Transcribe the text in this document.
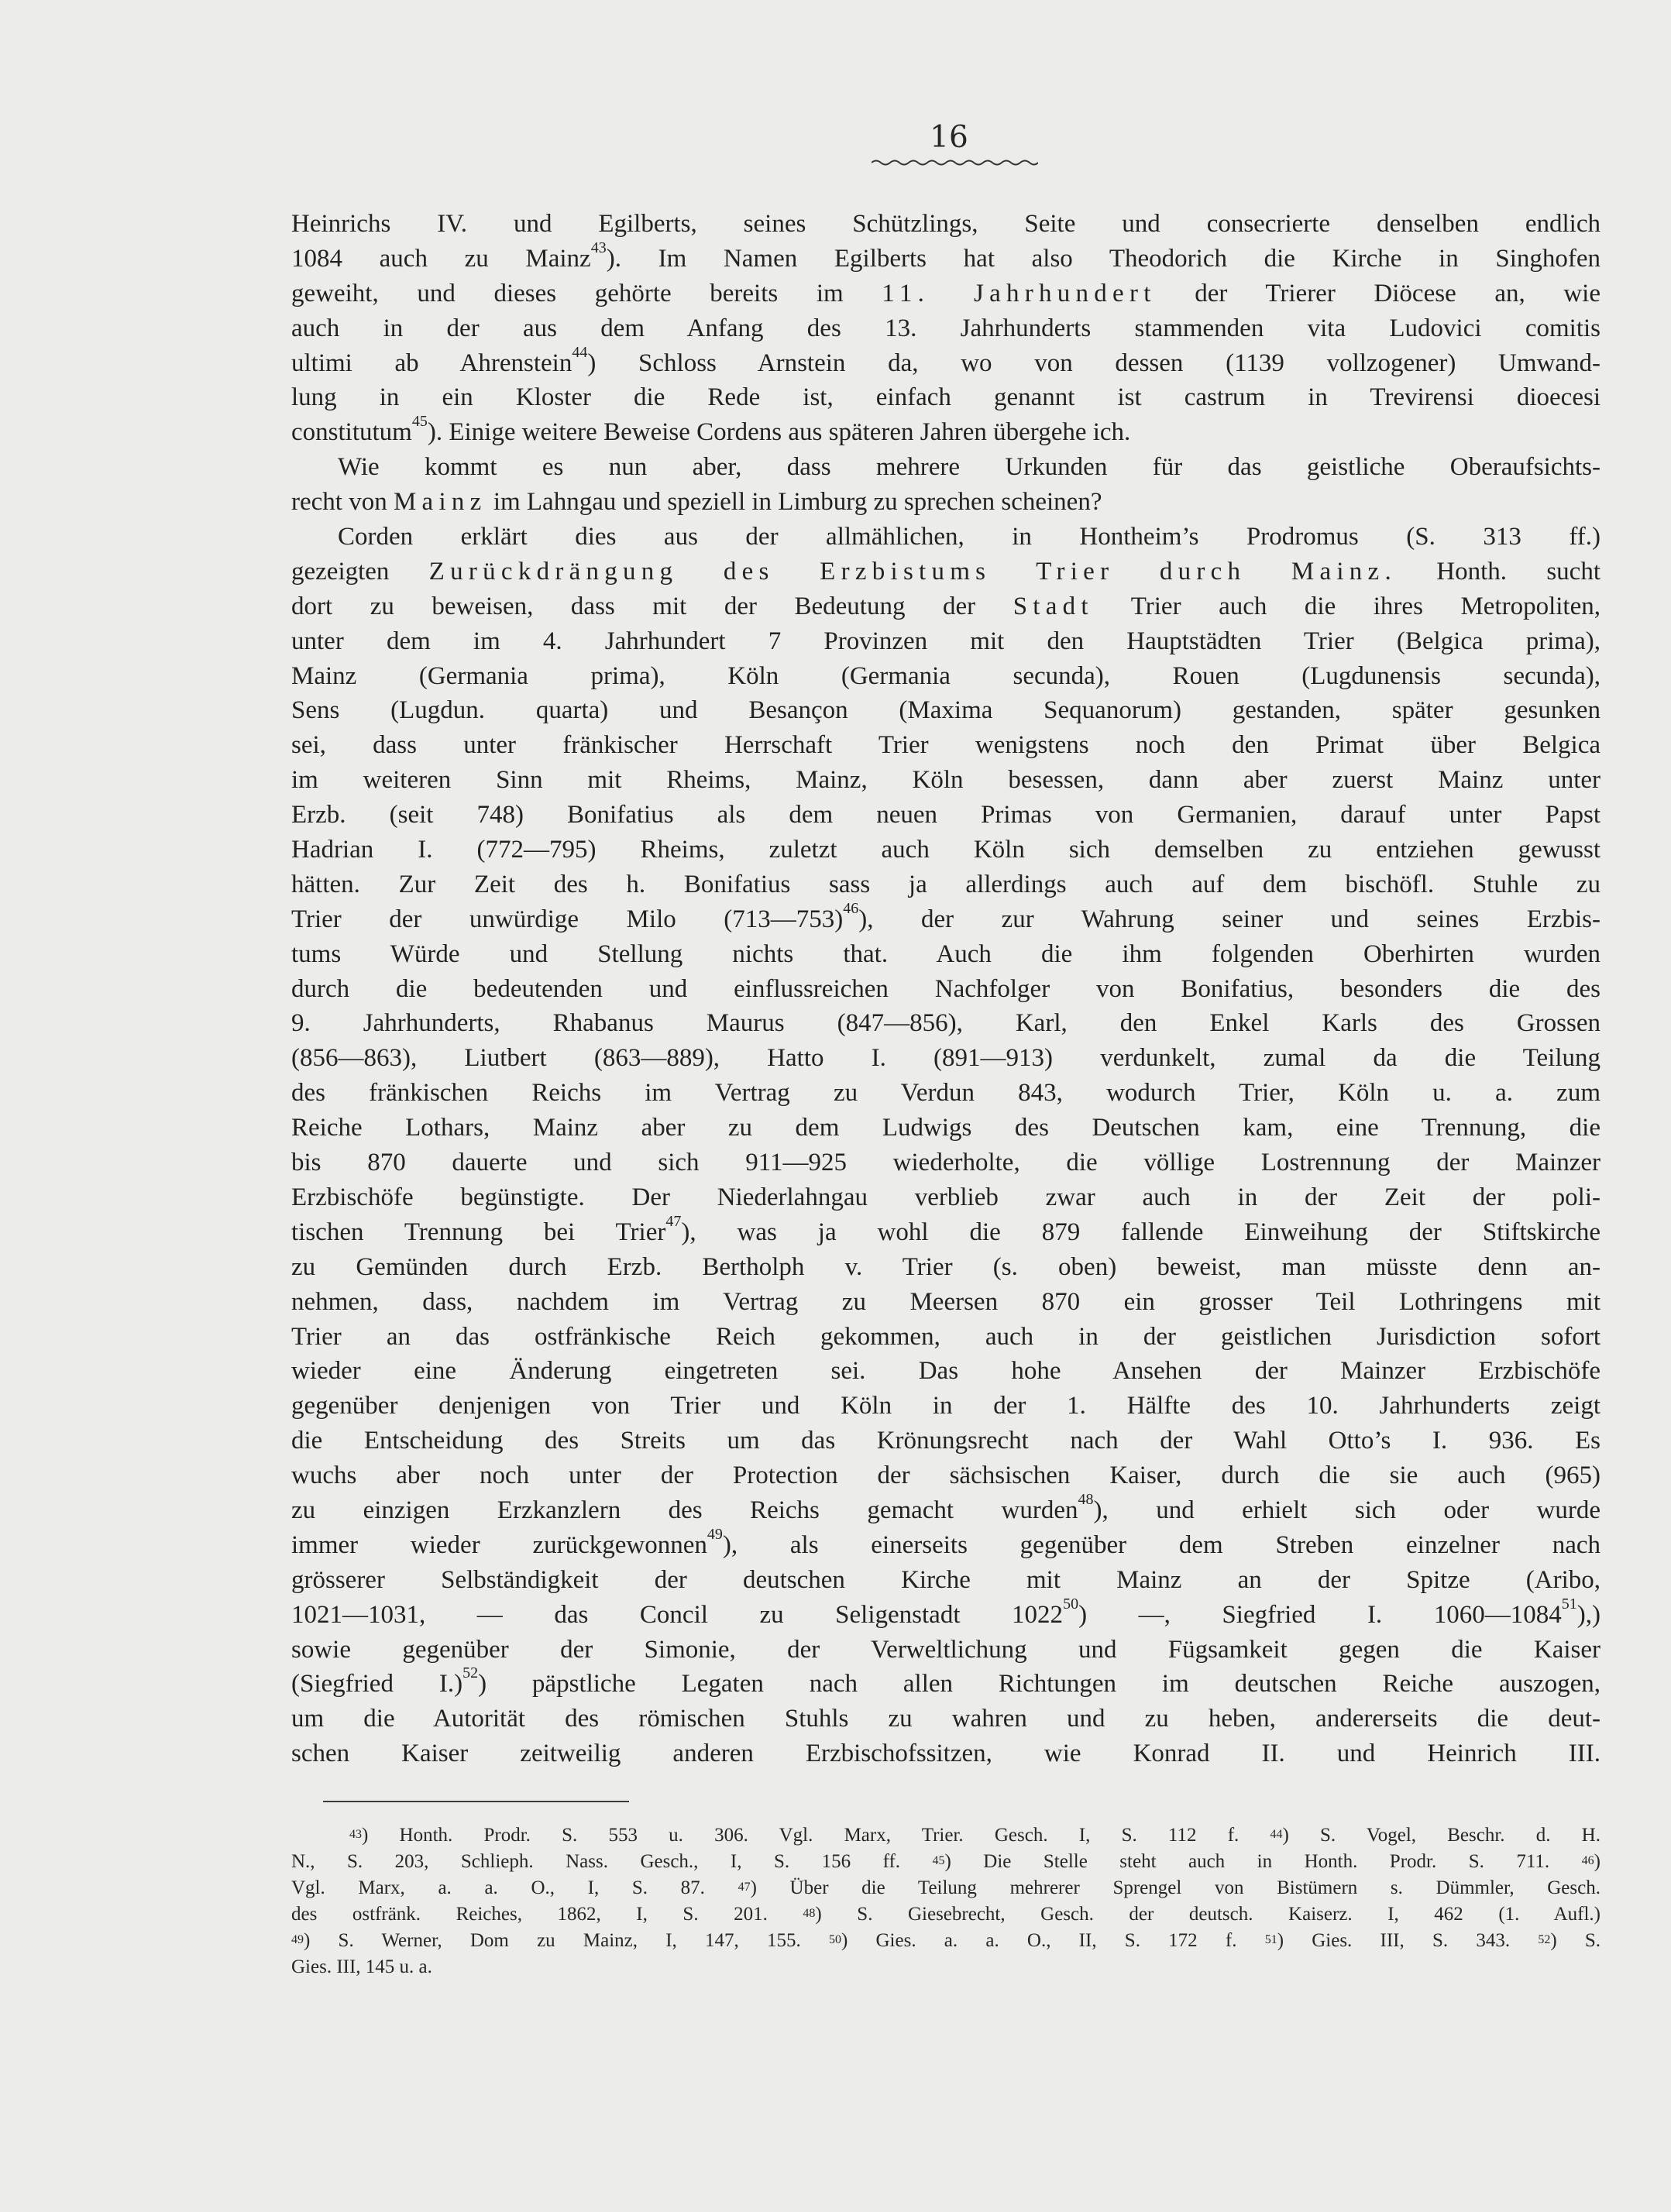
16
Heinrichs IV. und Egilberts, seines Schützlings, Seite und consecrierte denselben endlich
1084 auch zu Mainz$^{43}$). Im Namen Egilberts hat also Theodorich die Kirche in Singhofen
geweiht, und dieses gehörte bereits im 11. Jahrhundert der Trierer Diöcese an, wie
auch in der aus dem Anfang des 13. Jahrhunderts stammenden vita Ludovici comitis
ultimi ab Ahrenstein$^{44}$) Schloss Arnstein da, wo von dessen (1139 vollzogener) Umwand-
lung in ein Kloster die Rede ist, einfach genannt ist castrum in Trevirensi dioecesi
constitutum$^{45}$). Einige weitere Beweise Cordens aus späteren Jahren übergehe ich.
Wie kommt es nun aber, dass mehrere Urkunden für das geistliche Oberaufsichts-
recht von Mainz im Lahngau und speziell in Limburg zu sprechen scheinen?
Corden erklärt dies aus der allmählichen, in Hontheim’s Prodromus (S. 313 ff.)
gezeigten Zurückdrängung des Erzbistums Trier durch Mainz. Honth. sucht
dort zu beweisen, dass mit der Bedeutung der Stadt Trier auch die ihres Metropoliten,
unter dem im 4. Jahrhundert 7 Provinzen mit den Hauptstädten Trier (Belgica prima),
Mainz (Germania prima), Köln (Germania secunda), Rouen (Lugdunensis secunda),
Sens (Lugdun. quarta) und Besançon (Maxima Sequanorum) gestanden, später gesunken
sei, dass unter fränkischer Herrschaft Trier wenigstens noch den Primat über Belgica
im weiteren Sinn mit Rheims, Mainz, Köln besessen, dann aber zuerst Mainz unter
Erzb. (seit 748) Bonifatius als dem neuen Primas von Germanien, darauf unter Papst
Hadrian I. (772—795) Rheims, zuletzt auch Köln sich demselben zu entziehen gewusst
hätten. Zur Zeit des h. Bonifatius sass ja allerdings auch auf dem bischöfl. Stuhle zu
Trier der unwürdige Milo (713—753)$^{46}$), der zur Wahrung seiner und seines Erzbis-
tums Würde und Stellung nichts that. Auch die ihm folgenden Oberhirten wurden
durch die bedeutenden und einflussreichen Nachfolger von Bonifatius, besonders die des
9. Jahrhunderts, Rhabanus Maurus (847—856), Karl, den Enkel Karls des Grossen
(856—863), Liutbert (863—889), Hatto I. (891—913) verdunkelt, zumal da die Teilung
des fränkischen Reichs im Vertrag zu Verdun 843, wodurch Trier, Köln u. a. zum
Reiche Lothars, Mainz aber zu dem Ludwigs des Deutschen kam, eine Trennung, die
bis 870 dauerte und sich 911—925 wiederholte, die völlige Lostrennung der Mainzer
Erzbischöfe begünstigte. Der Niederlahngau verblieb zwar auch in der Zeit der poli-
tischen Trennung bei Trier$^{47}$), was ja wohl die 879 fallende Einweihung der Stiftskirche
zu Gemünden durch Erzb. Bertholph v. Trier (s. oben) beweist, man müsste denn an-
nehmen, dass, nachdem im Vertrag zu Meersen 870 ein grosser Teil Lothringens mit
Trier an das ostfränkische Reich gekommen, auch in der geistlichen Jurisdiction sofort
wieder eine Änderung eingetreten sei. Das hohe Ansehen der Mainzer Erzbischöfe
gegenüber denjenigen von Trier und Köln in der 1. Hälfte des 10. Jahrhunderts zeigt
die Entscheidung des Streits um das Krönungsrecht nach der Wahl Otto’s I. 936. Es
wuchs aber noch unter der Protection der sächsischen Kaiser, durch die sie auch (965)
zu einzigen Erzkanzlern des Reichs gemacht wurden$^{48}$), und erhielt sich oder wurde
immer wieder zurückgewonnen$^{49}$), als einerseits gegenüber dem Streben einzelner nach
grösserer Selbständigkeit der deutschen Kirche mit Mainz an der Spitze (Aribo,
1021—1031, — das Concil zu Seligenstadt 1022$^{50}$) —, Siegfried I. 1060—1084$^{51}$),)
sowie gegenüber der Simonie, der Verweltlichung und Fügsamkeit gegen die Kaiser
(Siegfried I.)$^{52}$) päpstliche Legaten nach allen Richtungen im deutschen Reiche auszogen,
um die Autorität des römischen Stuhls zu wahren und zu heben, andererseits die deut-
schen Kaiser zeitweilig anderen Erzbischofssitzen, wie Konrad II. und Heinrich III.
$^{43}$) Honth. Prodr. S. 553 u. 306. Vgl. Marx, Trier. Gesch. I, S. 112 f. $^{44}$) S. Vogel, Beschr. d. H.
N., S. 203, Schlieph. Nass. Gesch., I, S. 156 ff. $^{45}$) Die Stelle steht auch in Honth. Prodr. S. 711. $^{46}$)
Vgl. Marx, a. a. O., I, S. 87. $^{47}$) Über die Teilung mehrerer Sprengel von Bistümern s. Dümmler, Gesch.
des ostfränk. Reiches, 1862, I, S. 201. $^{48}$) S. Giesebrecht, Gesch. der deutsch. Kaiserz. I, 462 (1. Aufl.)
$^{49}$) S. Werner, Dom zu Mainz, I, 147, 155. $^{50}$) Gies. a. a. O., II, S. 172 f. $^{51}$) Gies. III, S. 343. $^{52}$) S.
Gies. III, 145 u. a.
